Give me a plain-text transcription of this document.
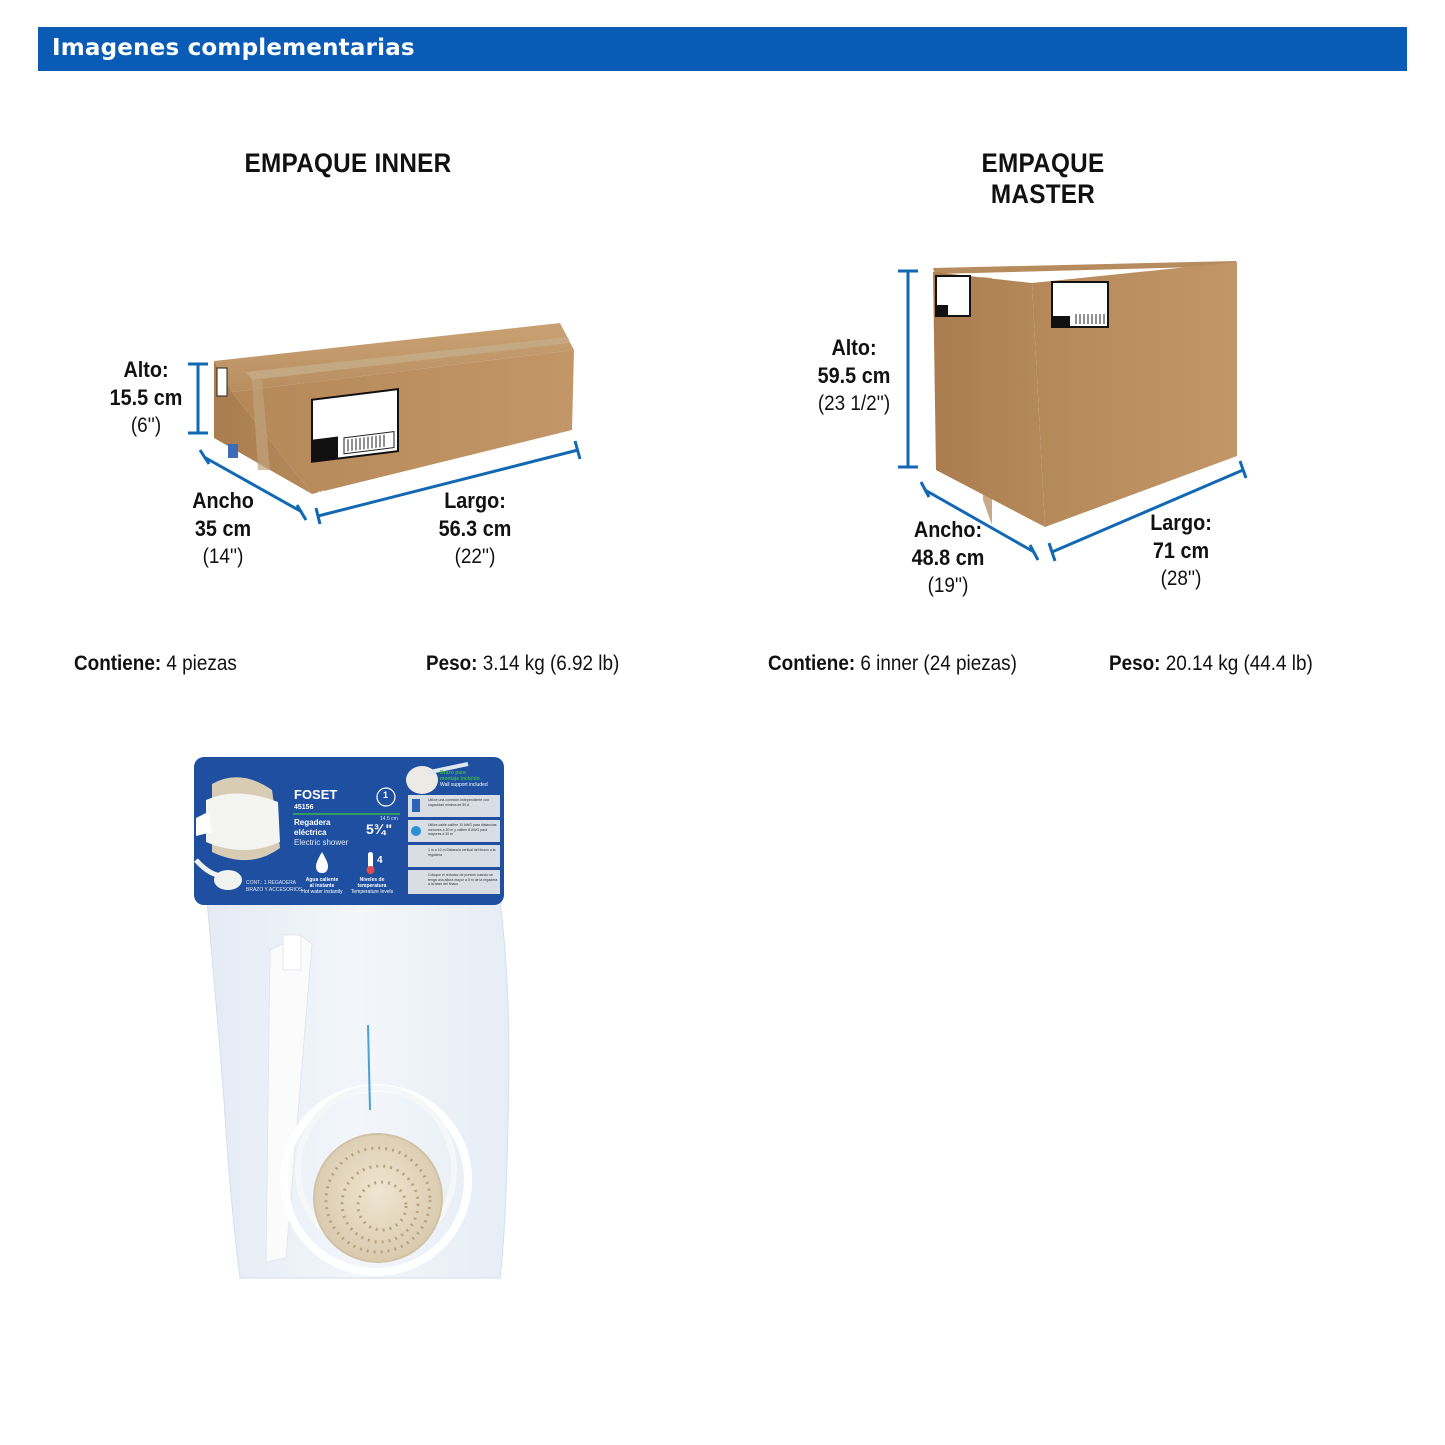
Imagenes complementarias
EMPAQUE INNER	EMPAQUE MASTER
45156
FOSET
45156
Regadera
eléctrica
Electric shower
14.5 cm
5¾"
1
4
Agua caliente
al instante
Hot water instantly
Niveles de
temperatura
Temperature levels
CONT.: 1 REGADERA
BRAZO Y ACCESORIOS
Brazo para
montaje incluido
Wall support included
Utilice una conexión independiente con capacidad mínima de 50 A
Utilice cable calibre 10 AWG para distancias menores a 30 m y calibre 8 AWG para mayores a 30 m
1 m a 10 m Distancia vertical del tinaco a la regadera
Coloque el reductor de presión cuando se tenga una altura mayor a 5 m de la regadera a la base del tinaco
Alto:
15.5 cm
(6'')
Ancho
35 cm
(14'')
Largo:
56.3 cm
(22'')
Alto:
59.5 cm
(23 1/2'')
Ancho:
48.8 cm
(19'')
Largo:
71 cm
(28'')
Contiene: 4 piezas	Peso: 3.14 kg (6.92 lb)	Contiene: 6 inner (24 piezas)	Peso: 20.14 kg (44.4 lb)
